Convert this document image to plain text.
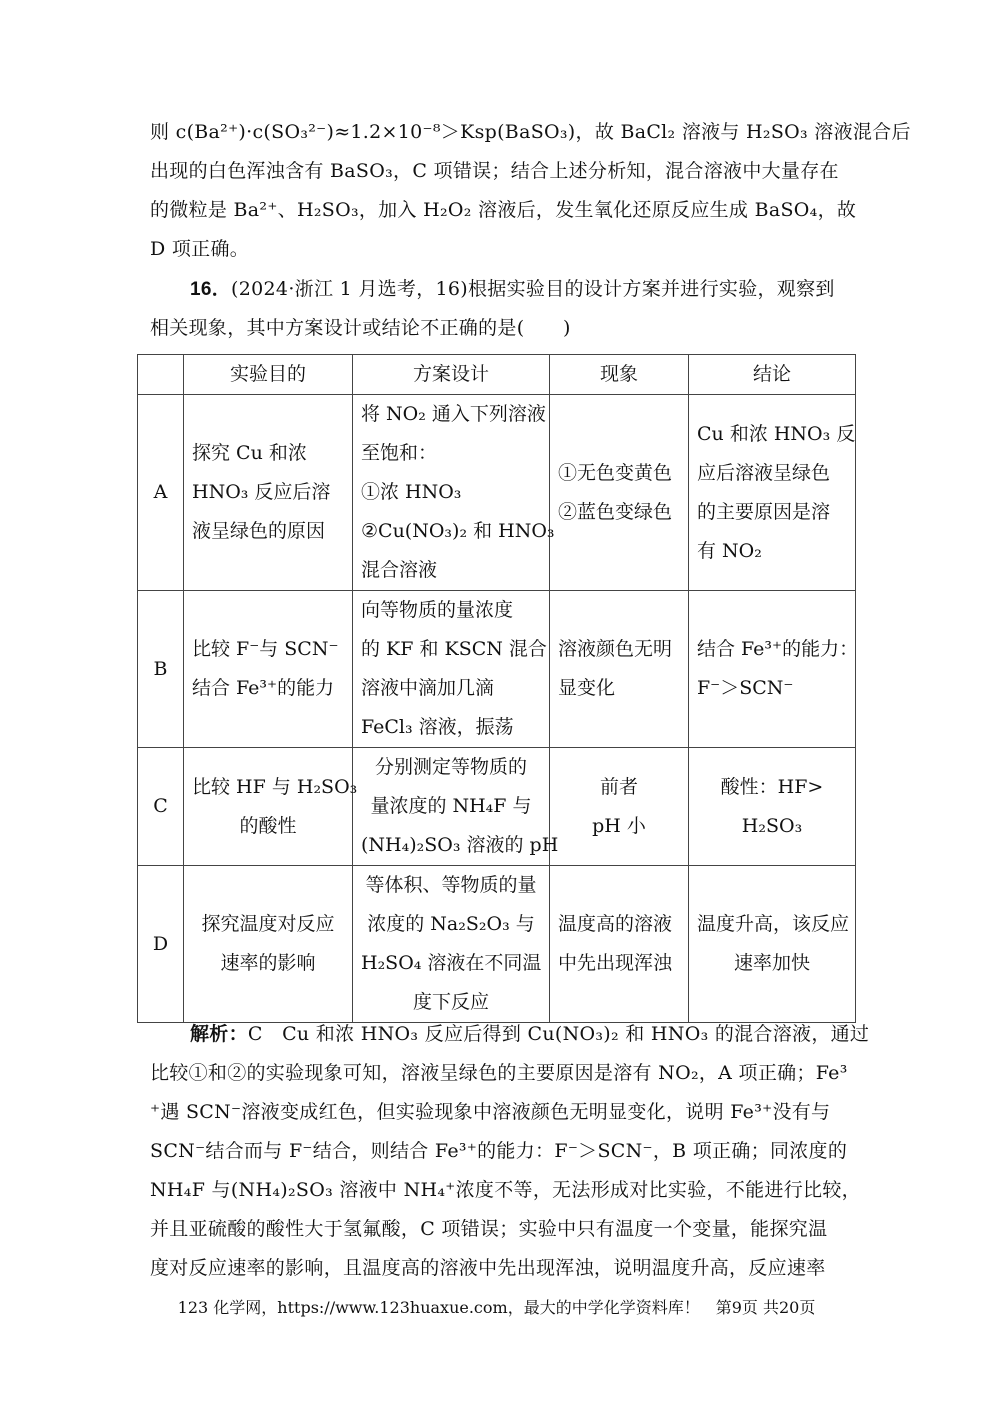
则 c(Ba²⁺)·c(SO₃²⁻)≈1.2×10⁻⁸＞Ksp(BaSO₃)，故 BaCl₂ 溶液与 H₂SO₃ 溶液混合后
出现的白色浑浊含有 BaSO₃，C 项错误；结合上述分析知，混合溶液中大量存在
的微粒是 Ba²⁺、H₂SO₃，加入 H₂O₂ 溶液后，发生氧化还原反应生成 BaSO₄，故
D 项正确。
16．(2024·浙江 1 月选考，16)根据实验目的设计方案并进行实验，观察到
相关现象，其中方案设计或结论不正确的是(　　)
	实验目的	方案设计	现象	结论
A	探究 Cu 和浓
HNO₃ 反应后溶
液呈绿色的原因	将 NO₂ 通入下列溶液
至饱和：
①浓 HNO₃
②Cu(NO₃)₂ 和 HNO₃
混合溶液	①无色变黄色
②蓝色变绿色	Cu 和浓 HNO₃ 反
应后溶液呈绿色
的主要原因是溶
有 NO₂

B	比较 F⁻与 SCN⁻
结合 Fe³⁺的能力	向等物质的量浓度
的 KF 和 KSCN 混合
溶液中滴加几滴
FeCl₃ 溶液，振荡	溶液颜色无明
显变化	结合 Fe³⁺的能力：
F⁻＞SCN⁻

C	比较 HF 与 H₂SO₃
的酸性	分别测定等物质的
量浓度的 NH₄F 与
(NH₄)₂SO₃ 溶液的 pH	前者
pH 小	酸性：HF>
H₂SO₃

D	探究温度对反应
速率的影响	等体积、等物质的量
浓度的 Na₂S₂O₃ 与
H₂SO₄ 溶液在不同温
度下反应	温度高的溶液
中先出现浑浊	温度升高，该反应
速率加快
解析：C　 Cu 和浓 HNO₃ 反应后得到 Cu(NO₃)₂ 和 HNO₃ 的混合溶液，通过
比较①和②的实验现象可知，溶液呈绿色的主要原因是溶有 NO₂，A 项正确；Fe³
⁺遇 SCN⁻溶液变成红色，但实验现象中溶液颜色无明显变化，说明 Fe³⁺没有与
SCN⁻结合而与 F⁻结合，则结合 Fe³⁺的能力：F⁻＞SCN⁻，B 项正确；同浓度的
NH₄F 与(NH₄)₂SO₃ 溶液中 NH₄⁺浓度不等，无法形成对比实验，不能进行比较，
并且亚硫酸的酸性大于氢氟酸，C 项错误；实验中只有温度一个变量，能探究温
度对反应速率的影响，且温度高的溶液中先出现浑浊，说明温度升高，反应速率
123 化学网，https://www.123huaxue.com，最大的中学化学资料库！　第9页 共20页
